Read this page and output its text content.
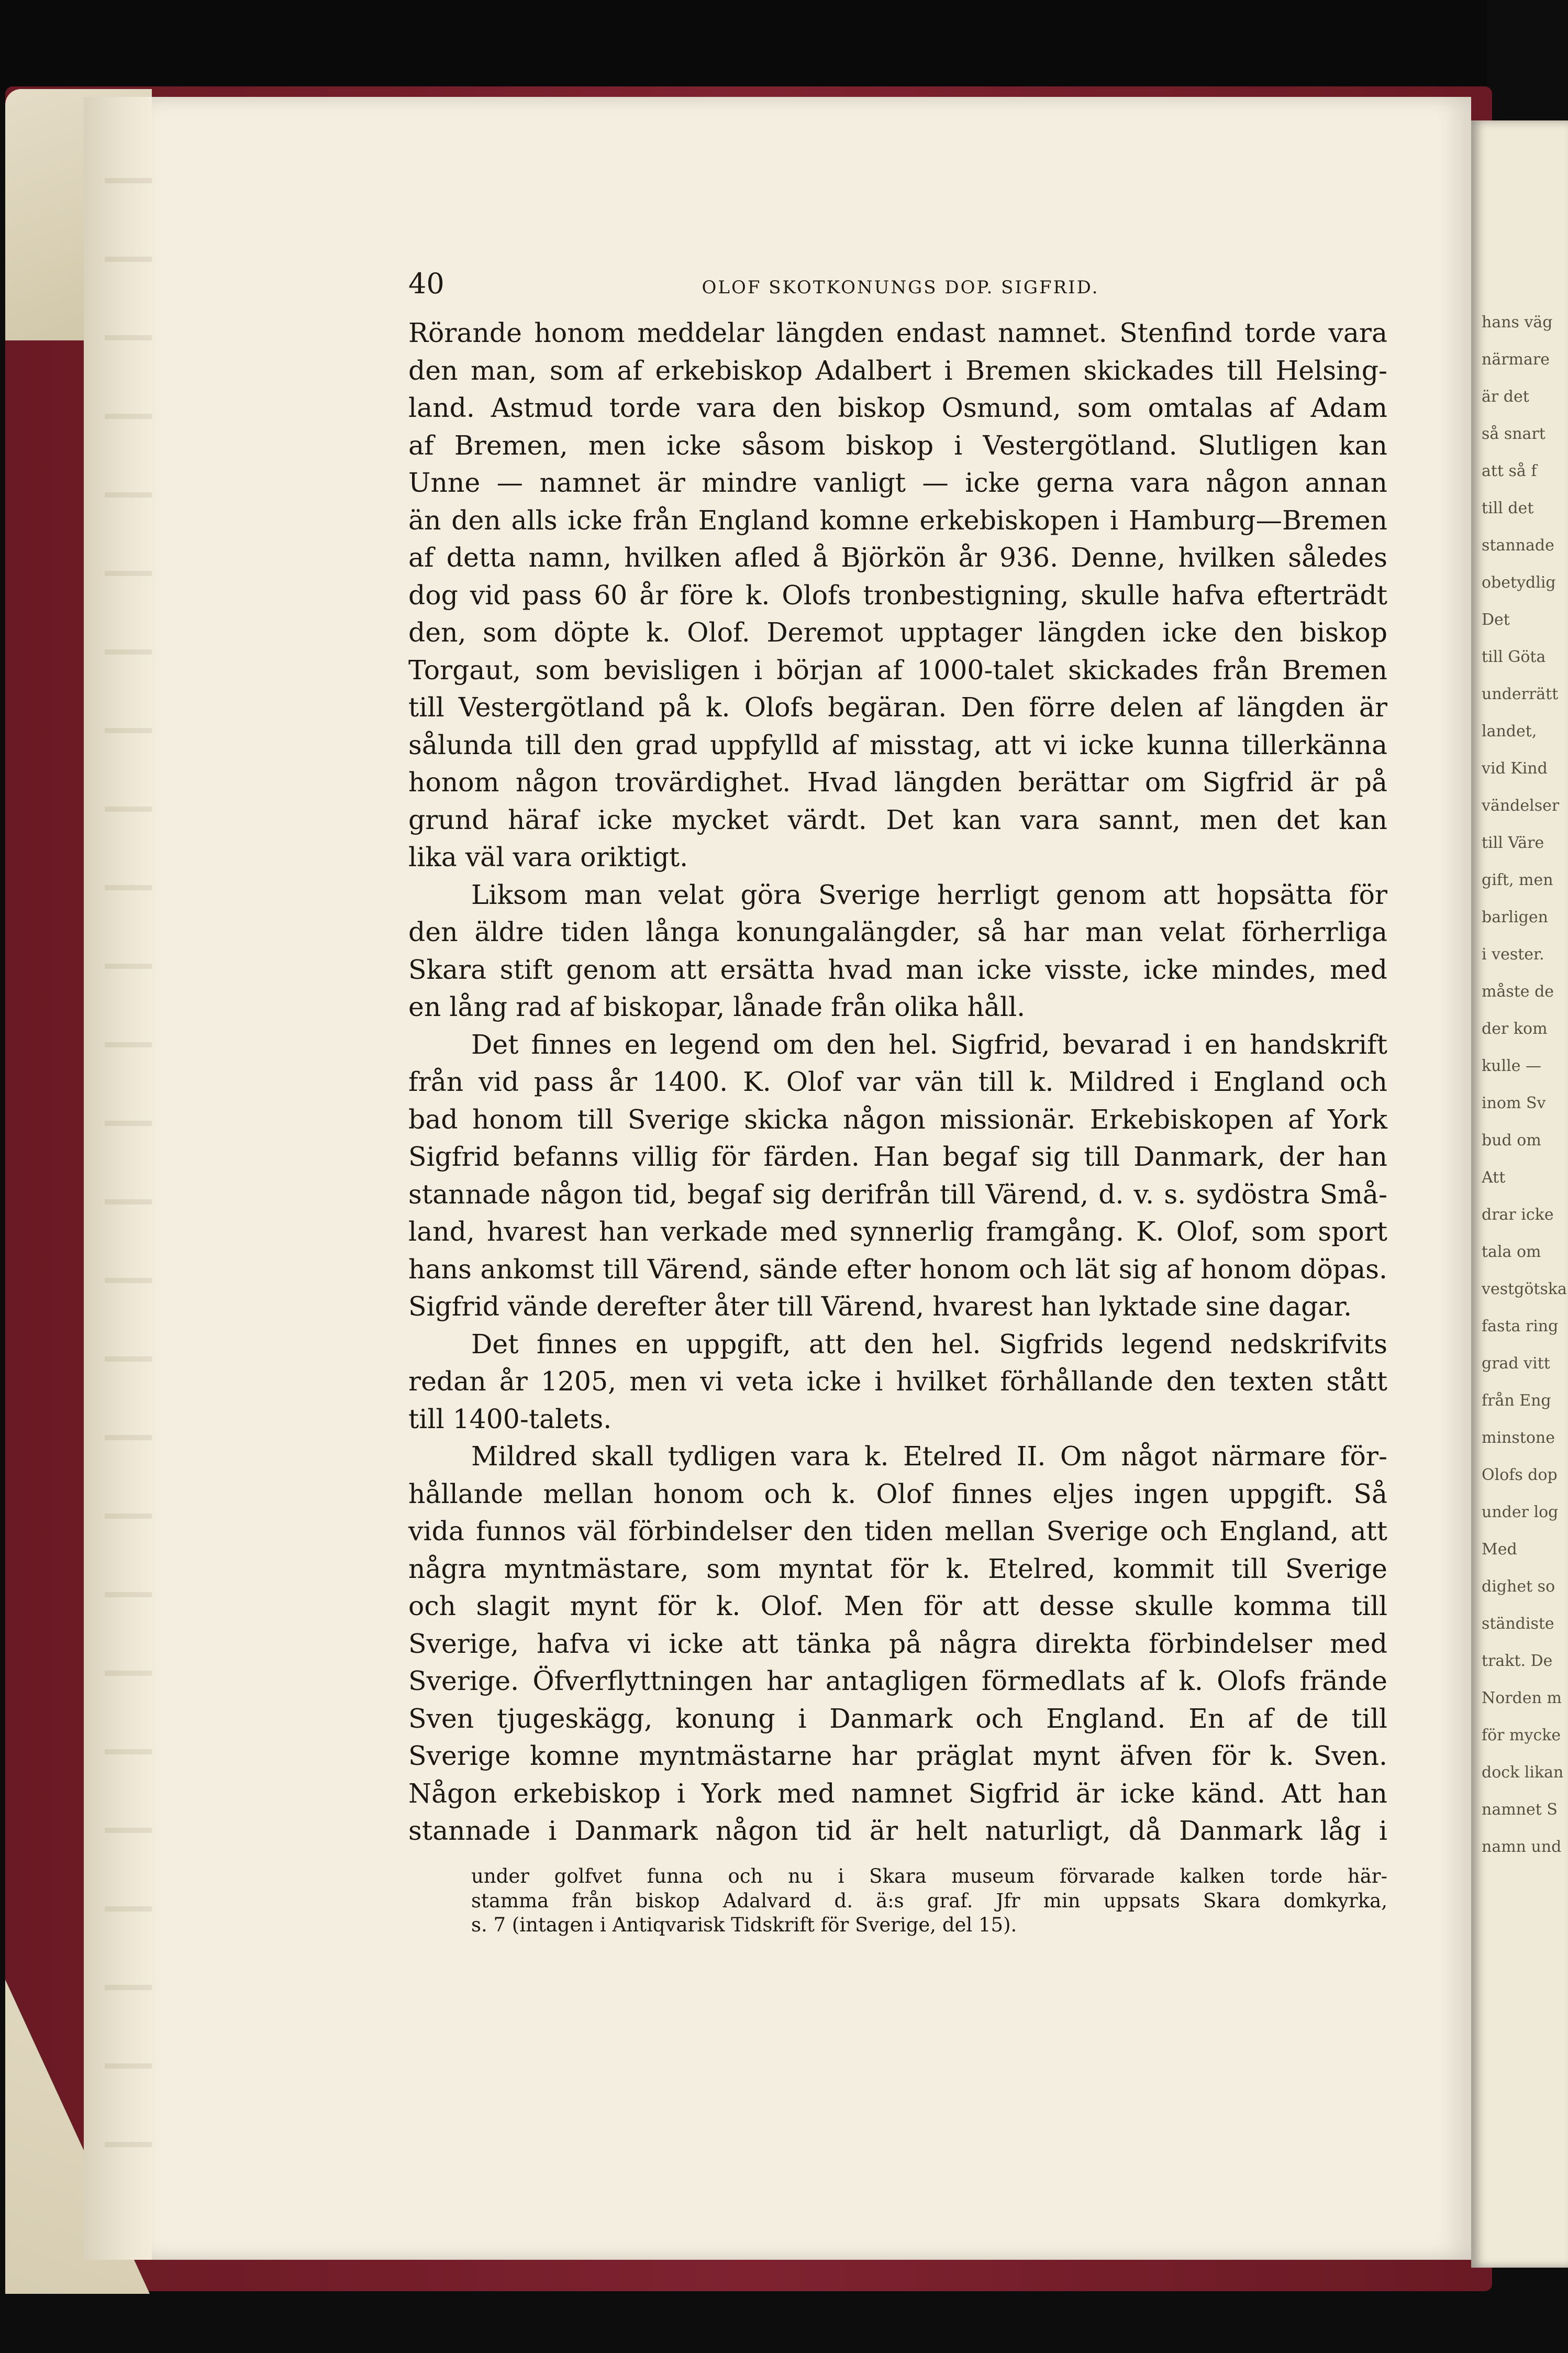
hans väg
närmare
är det
så snart
att så f
till det
stannade
obetydlig
Det
till Göta
underrätt
landet,
vid Kind
vändelser
till Väre
gift, men
barligen
i vester.
måste de
der kom
kulle —
inom Sv
bud om
Att
drar icke
tala om
vestgötska
fasta ring
grad vitt
från Eng
minstone
Olofs dop
under log
Med
dighet so
ständiste
trakt. De
Norden m
för mycke
dock likan
namnet S
namn und
40	OLOF SKOTKONUNGS DOP. SIGFRID.
Rörande honom meddelar längden endast namnet. Stenfind torde vara
den man, som af erkebiskop Adalbert i Bremen skickades till Helsing-
land. Astmud torde vara den biskop Osmund, som omtalas af Adam
af Bremen, men icke såsom biskop i Vestergötland. Slutligen kan
Unne — namnet är mindre vanligt — icke gerna vara någon annan
än den alls icke från England komne erkebiskopen i Hamburg—Bremen
af detta namn, hvilken afled å Björkön år 936. Denne, hvilken således
dog vid pass 60 år före k. Olofs tronbestigning, skulle hafva efterträdt
den, som döpte k. Olof. Deremot upptager längden icke den biskop
Torgaut, som bevisligen i början af 1000-talet skickades från Bremen
till Vestergötland på k. Olofs begäran. Den förre delen af längden är
sålunda till den grad uppfylld af misstag, att vi icke kunna tillerkänna
honom någon trovärdighet. Hvad längden berättar om Sigfrid är på
grund häraf icke mycket värdt. Det kan vara sannt, men det kan
lika väl vara oriktigt.
Liksom man velat göra Sverige herrligt genom att hopsätta för
den äldre tiden långa konungalängder, så har man velat förherrliga
Skara stift genom att ersätta hvad man icke visste, icke mindes, med
en lång rad af biskopar, lånade från olika håll.
Det finnes en legend om den hel. Sigfrid, bevarad i en handskrift
från vid pass år 1400. K. Olof var vän till k. Mildred i England och
bad honom till Sverige skicka någon missionär. Erkebiskopen af York
Sigfrid befanns villig för färden. Han begaf sig till Danmark, der han
stannade någon tid, begaf sig derifrån till Värend, d. v. s. sydöstra Små-
land, hvarest han verkade med synnerlig framgång. K. Olof, som sport
hans ankomst till Värend, sände efter honom och lät sig af honom döpas.
Sigfrid vände derefter åter till Värend, hvarest han lyktade sine dagar.
Det finnes en uppgift, att den hel. Sigfrids legend nedskrifvits
redan år 1205, men vi veta icke i hvilket förhållande den texten stått
till 1400-talets.
Mildred skall tydligen vara k. Etelred II. Om något närmare för-
hållande mellan honom och k. Olof finnes eljes ingen uppgift. Så
vida funnos väl förbindelser den tiden mellan Sverige och England, att
några myntmästare, som myntat för k. Etelred, kommit till Sverige
och slagit mynt för k. Olof. Men för att desse skulle komma till
Sverige, hafva vi icke att tänka på några direkta förbindelser med
Sverige. Öfverflyttningen har antagligen förmedlats af k. Olofs frände
Sven tjugeskägg, konung i Danmark och England. En af de till
Sverige komne myntmästarne har präglat mynt äfven för k. Sven.
Någon erkebiskop i York med namnet Sigfrid är icke känd. Att han
stannade i Danmark någon tid är helt naturligt, då Danmark låg i
under golfvet funna och nu i Skara museum förvarade kalken torde här-
stamma från biskop Adalvard d. ä:s graf. Jfr min uppsats Skara domkyrka,
s. 7 (intagen i Antiqvarisk Tidskrift för Sverige, del 15).
